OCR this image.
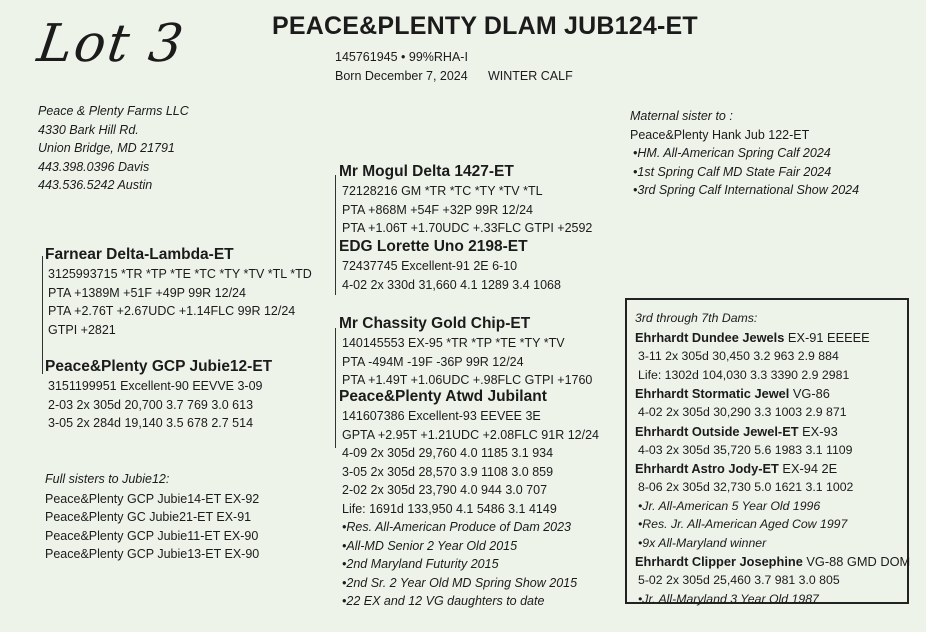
Lot 3	PEACE&PLENTY DLAM JUB124-ET
145761945 • 99%RHA-I
Born December 7, 2024 WINTER CALF
Peace & Plenty Farms LLC
4330 Bark Hill Rd.
Union Bridge, MD 21791
443.398.0396 Davis
443.536.5242 Austin
Maternal sister to :
Peace&Plenty Hank Jub 122-ET
•HM. All-American Spring Calf 2024
•1st Spring Calf MD State Fair 2024
•3rd Spring Calf International Show 2024
Mr Mogul Delta 1427-ET
72128216 GM *TR *TC *TY *TV *TL
PTA +868M +54F +32P 99R 12/24
PTA +1.06T +1.70UDC +.33FLC GTPI +2592
EDG Lorette Uno 2198-ET
72437745 Excellent-91 2E 6-10
4-02 2x 330d 31,660 4.1 1289 3.4 1068
Farnear Delta-Lambda-ET
3125993715 *TR *TP *TE *TC *TY *TV *TL *TD
PTA +1389M +51F +49P 99R 12/24
PTA +2.76T +2.67UDC +1.14FLC 99R 12/24
GTPI +2821
Peace&Plenty GCP Jubie12-ET
3151199951 Excellent-90 EEVVE 3-09
2-03 2x 305d 20,700 3.7 769 3.0 613
3-05 2x 284d 19,140 3.5 678 2.7 514
Mr Chassity Gold Chip-ET
140145553 EX-95 *TR *TP *TE *TY *TV
PTA -494M -19F -36P 99R 12/24
PTA +1.49T +1.06UDC +.98FLC GTPI +1760
Peace&Plenty Atwd Jubilant
141607386 Excellent-93 EEVEE 3E
GPTA +2.95T +1.21UDC +2.08FLC 91R 12/24
4-09 2x 305d 29,760 4.0 1185 3.1 934
3-05 2x 305d 28,570 3.9 1108 3.0 859
2-02 2x 305d 23,790 4.0 944 3.0 707
Life: 1691d 133,950 4.1 5486 3.1 4149
•Res. All-American Produce of Dam 2023
•All-MD Senior 2 Year Old 2015
•2nd Maryland Futurity 2015
•2nd Sr. 2 Year Old MD Spring Show 2015
•22 EX and 12 VG daughters to date
Full sisters to Jubie12:
Peace&Plenty GCP Jubie14-ET EX-92
Peace&Plenty GC Jubie21-ET EX-91
Peace&Plenty GCP Jubie11-ET EX-90
Peace&Plenty GCP Jubie13-ET EX-90
3rd through 7th Dams:
Ehrhardt Dundee Jewels EX-91 EEEEE
3-11 2x 305d 30,450 3.2 963 2.9 884
Life: 1302d 104,030 3.3 3390 2.9 2981
Ehrhardt Stormatic Jewel VG-86
4-02 2x 305d 30,290 3.3 1003 2.9 871
Ehrhardt Outside Jewel-ET EX-93
4-03 2x 305d 35,720 5.6 1983 3.1 1109
Ehrhardt Astro Jody-ET EX-94 2E
8-06 2x 305d 32,730 5.0 1621 3.1 1002
•Jr. All-American 5 Year Old 1996
•Res. Jr. All-American Aged Cow 1997
•9x All-Maryland winner
Ehrhardt Clipper Josephine VG-88 GMD DOM
5-02 2x 305d 25,460 3.7 981 3.0 805
•Jr. All-Maryland 3 Year Old 1987
